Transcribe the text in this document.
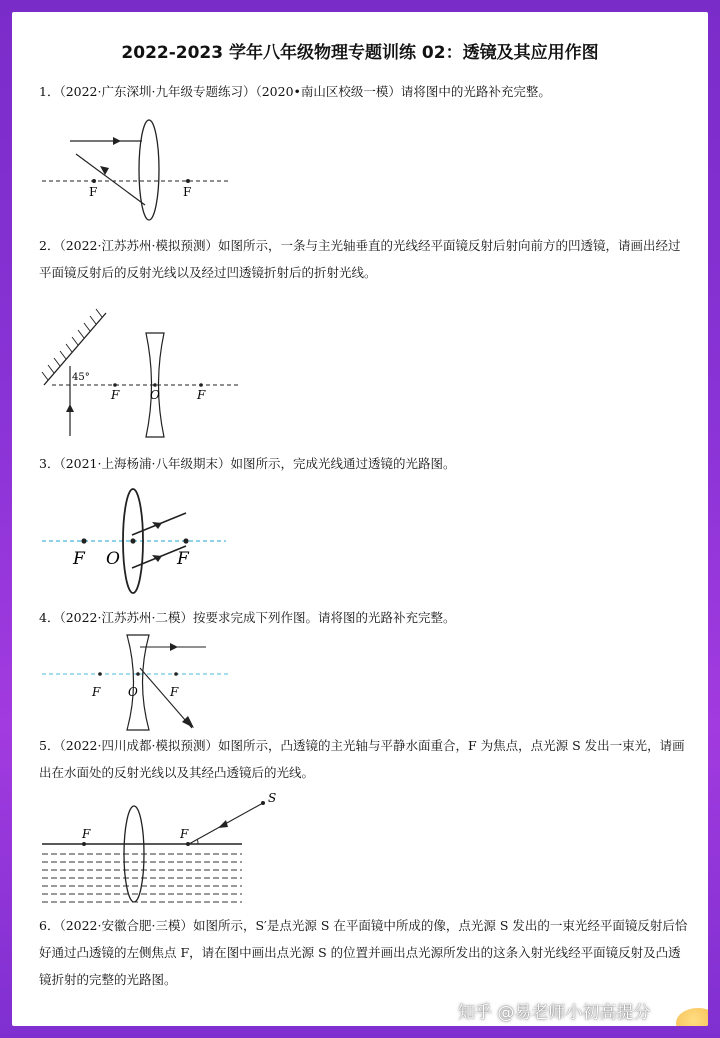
2022-2023 学年八年级物理专题训练 02：透镜及其应用作图
1．（2022·广东深圳·九年级专题练习）（2020•南山区校级一模）请将图中的光路补充完整。
F	F
2．（2022·江苏苏州·模拟预测）如图所示，一条与主光轴垂直的光线经平面镜反射后射向前方的凹透镜，请画出经过平面镜反射后的反射光线以及经过凹透镜折射后的折射光线。
45°
F	O	F
3．（2021·上海杨浦·八年级期末）如图所示，完成光线通过透镜的光路图。
F O	F
4．（2022·江苏苏州·二模）按要求完成下列作图。请将图的光路补充完整。
F O	F
5．（2022·四川成都·模拟预测）如图所示，凸透镜的主光轴与平静水面重合，F 为焦点，点光源 S 发出一束光，请画出在水面处的反射光线以及其经凸透镜后的光线。
S
F	F
6．（2022·安徽合肥·三模）如图所示，S′是点光源 S 在平面镜中所成的像，点光源 S 发出的一束光经平面镜反射后恰好通过凸透镜的左侧焦点 F，请在图中画出点光源 S 的位置并画出点光源所发出的这条入射光线经平面镜反射及凸透镜折射的完整的光路图。
知乎 @易老师小初高提分
